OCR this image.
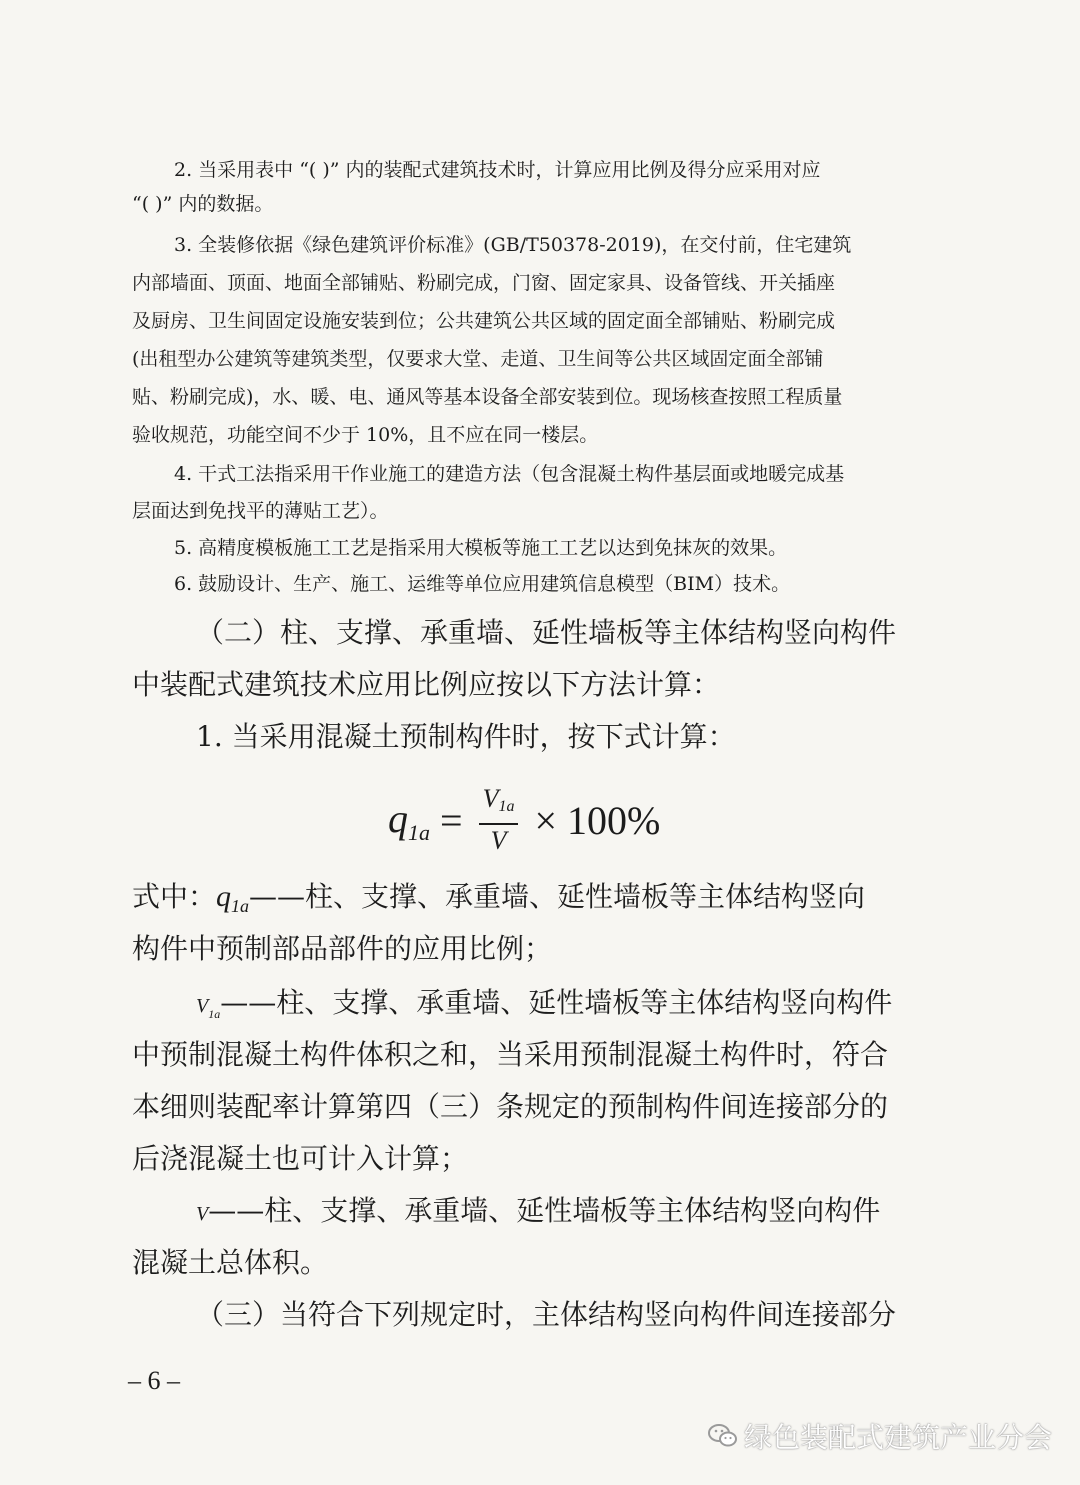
2. 当采用表中 “( )” 内的装配式建筑技术时，计算应用比例及得分应采用对应
“( )” 内的数据。
3. 全装修依据《绿色建筑评价标准》(GB/T50378-2019)，在交付前，住宅建筑
内部墙面、顶面、地面全部铺贴、粉刷完成，门窗、固定家具、设备管线、开关插座
及厨房、卫生间固定设施安装到位；公共建筑公共区域的固定面全部铺贴、粉刷完成
(出租型办公建筑等建筑类型，仅要求大堂、走道、卫生间等公共区域固定面全部铺
贴、粉刷完成)，水、暖、电、通风等基本设备全部安装到位。现场核查按照工程质量
验收规范，功能空间不少于 10%，且不应在同一楼层。
4. 干式工法指采用干作业施工的建造方法（包含混凝土构件基层面或地暖完成基
层面达到免找平的薄贴工艺）。
5. 高精度模板施工工艺是指采用大模板等施工工艺以达到免抹灰的效果。
6. 鼓励设计、生产、施工、运维等单位应用建筑信息模型（BIM）技术。
（二）柱、支撑、承重墙、延性墙板等主体结构竖向构件
中装配式建筑技术应用比例应按以下方法计算：
1. 当采用混凝土预制构件时，按下式计算：
$q_{1a} = \frac{V_{1a}}{V} \times 100\%$
式中：$q_{1a}——$柱、支撑、承重墙、延性墙板等主体结构竖向
构件中预制部品部件的应用比例；
$V_{1a}——$柱、支撑、承重墙、延性墙板等主体结构竖向构件
中预制混凝土构件体积之和，当采用预制混凝土构件时，符合
本细则装配率计算第四（三）条规定的预制构件间连接部分的
后浇混凝土也可计入计算；
V——柱、支撑、承重墙、延性墙板等主体结构竖向构件
混凝土总体积。
（三）当符合下列规定时，主体结构竖向构件间连接部分
– 6 –
绿色装配式建筑产业分会
